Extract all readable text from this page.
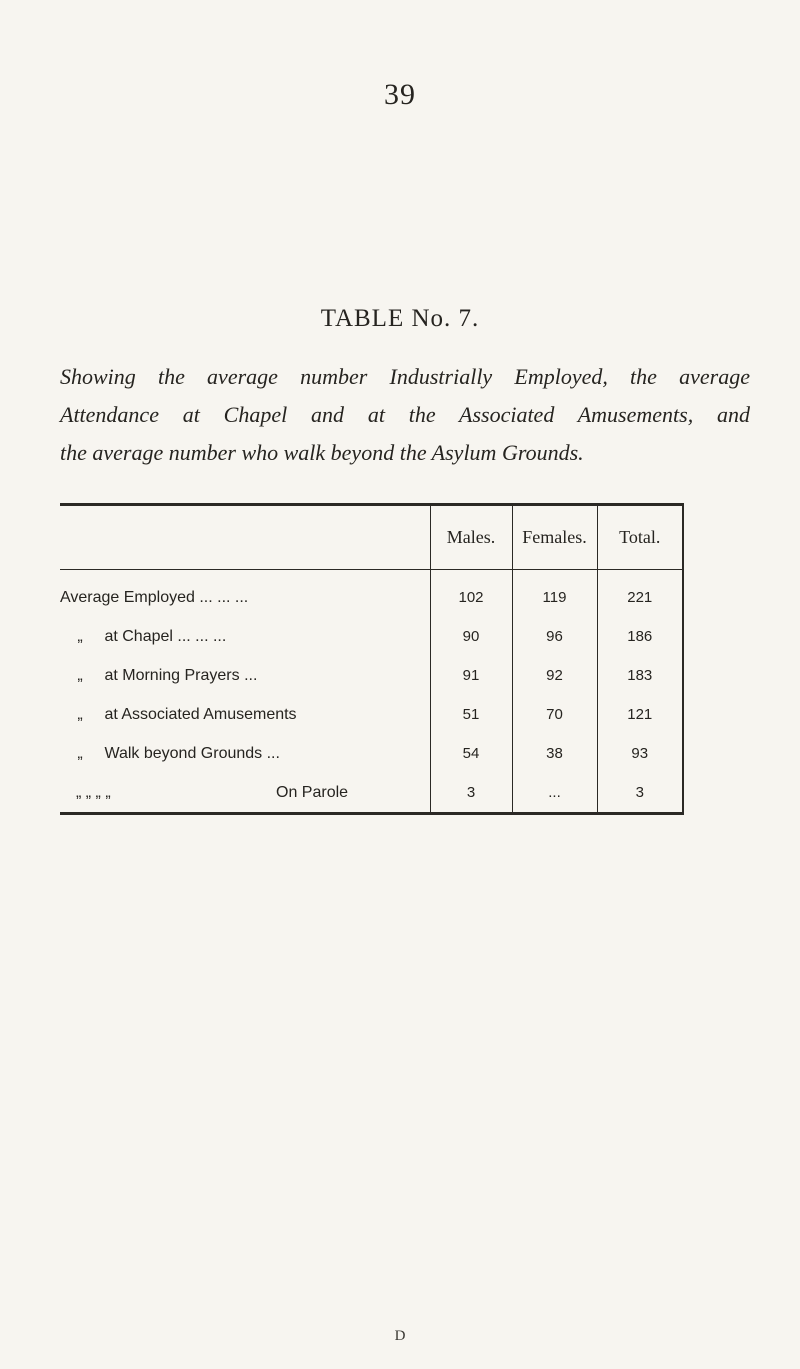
39
TABLE No. 7.
Showing the average number Industrially Employed, the average
Attendance at Chapel and at the Associated Amusements, and
the average number who walk beyond the Asylum Grounds.
	Males.	Females.	Total.
Average Employed ... ... ...	102	119	221
„ at Chapel ... ... ...	90	96	186
„ at Morning Prayers ...	91	92	183
„ at Associated Amusements	51	70	121
„ Walk beyond Grounds ...	54	38	93
„ „ „ „ On Parole	3	...	3
D
